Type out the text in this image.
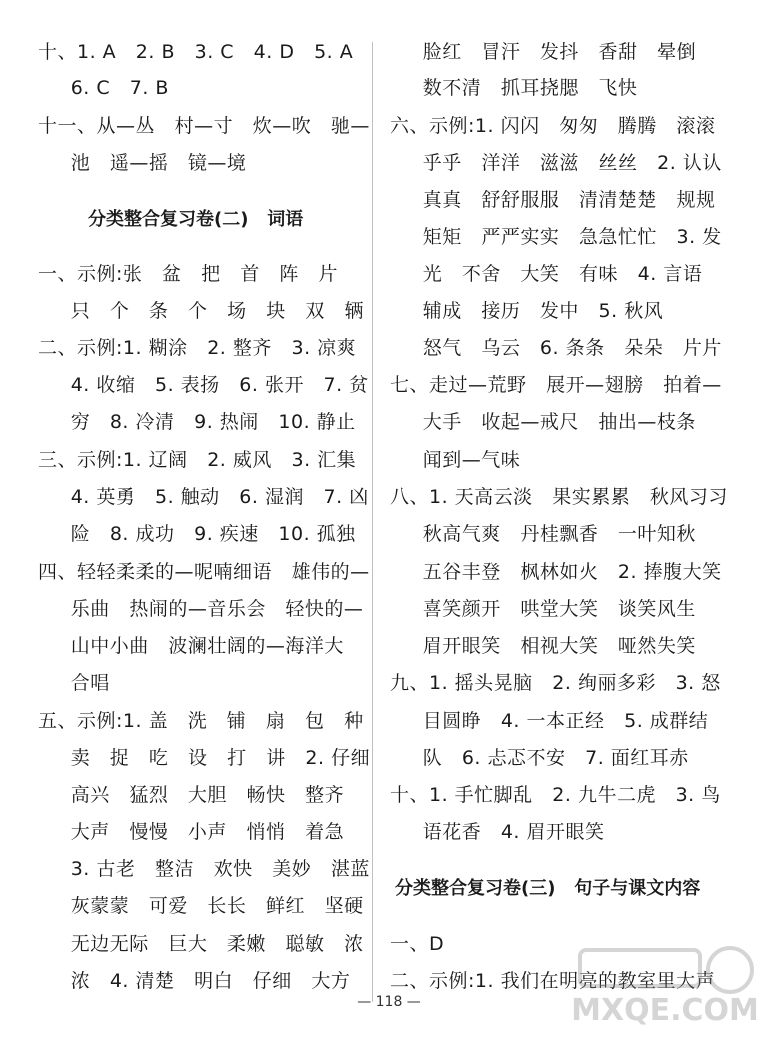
十、1. A   2. B   3. C   4. D   5. A
6. C   7. B
十一、从—丛   村—寸   炊—吹   驰—
池   遥—摇   镜—境
分类整合复习卷(二)   词语
一、示例:张   盆   把   首   阵   片
只   个   条   个   场   块   双   辆
二、示例:1. 糊涂   2. 整齐   3. 凉爽
4. 收缩   5. 表扬   6. 张开   7. 贫
穷   8. 冷清   9. 热闹   10. 静止
三、示例:1. 辽阔   2. 威风   3. 汇集
4. 英勇   5. 触动   6. 湿润   7. 凶
险   8. 成功   9. 疾速   10. 孤独
四、轻轻柔柔的—呢喃细语   雄伟的—
乐曲   热闹的—音乐会   轻快的—
山中小曲   波澜壮阔的—海洋大
合唱
五、示例:1. 盖   洗   铺   扇   包   种
卖   捉   吃   设   打   讲   2. 仔细
高兴   猛烈   大胆   畅快   整齐
大声   慢慢   小声   悄悄   着急
3. 古老   整洁   欢快   美妙   湛蓝
灰蒙蒙   可爱   长长   鲜红   坚硬
无边无际   巨大   柔嫩   聪敏   浓
浓   4. 清楚   明白   仔细   大方
脸红   冒汗   发抖   香甜   晕倒
数不清   抓耳挠腮   飞快
六、示例:1. 闪闪   匆匆   腾腾   滚滚
乎乎   洋洋   滋滋   丝丝   2. 认认
真真   舒舒服服   清清楚楚   规规
矩矩   严严实实   急急忙忙   3. 发
光   不舍   大笑   有味   4. 言语
辅成   接历   发中   5. 秋风
怒气   乌云   6. 条条   朵朵   片片
七、走过—荒野   展开—翅膀   拍着—
大手   收起—戒尺   抽出—枝条
闻到—气味
八、1. 天高云淡   果实累累   秋风习习
秋高气爽   丹桂飘香   一叶知秋
五谷丰登   枫林如火   2. 捧腹大笑
喜笑颜开   哄堂大笑   谈笑风生
眉开眼笑   相视大笑   哑然失笑
九、1. 摇头晃脑   2. 绚丽多彩   3. 怒
目圆睁   4. 一本正经   5. 成群结
队   6. 忐忑不安   7. 面红耳赤
十、1. 手忙脚乱   2. 九牛二虎   3. 鸟
语花香   4. 眉开眼笑
分类整合复习卷(三)   句子与课文内容
一、D
二、示例:1. 我们在明亮的教室里大声
— 118 —	MXQE.COM
